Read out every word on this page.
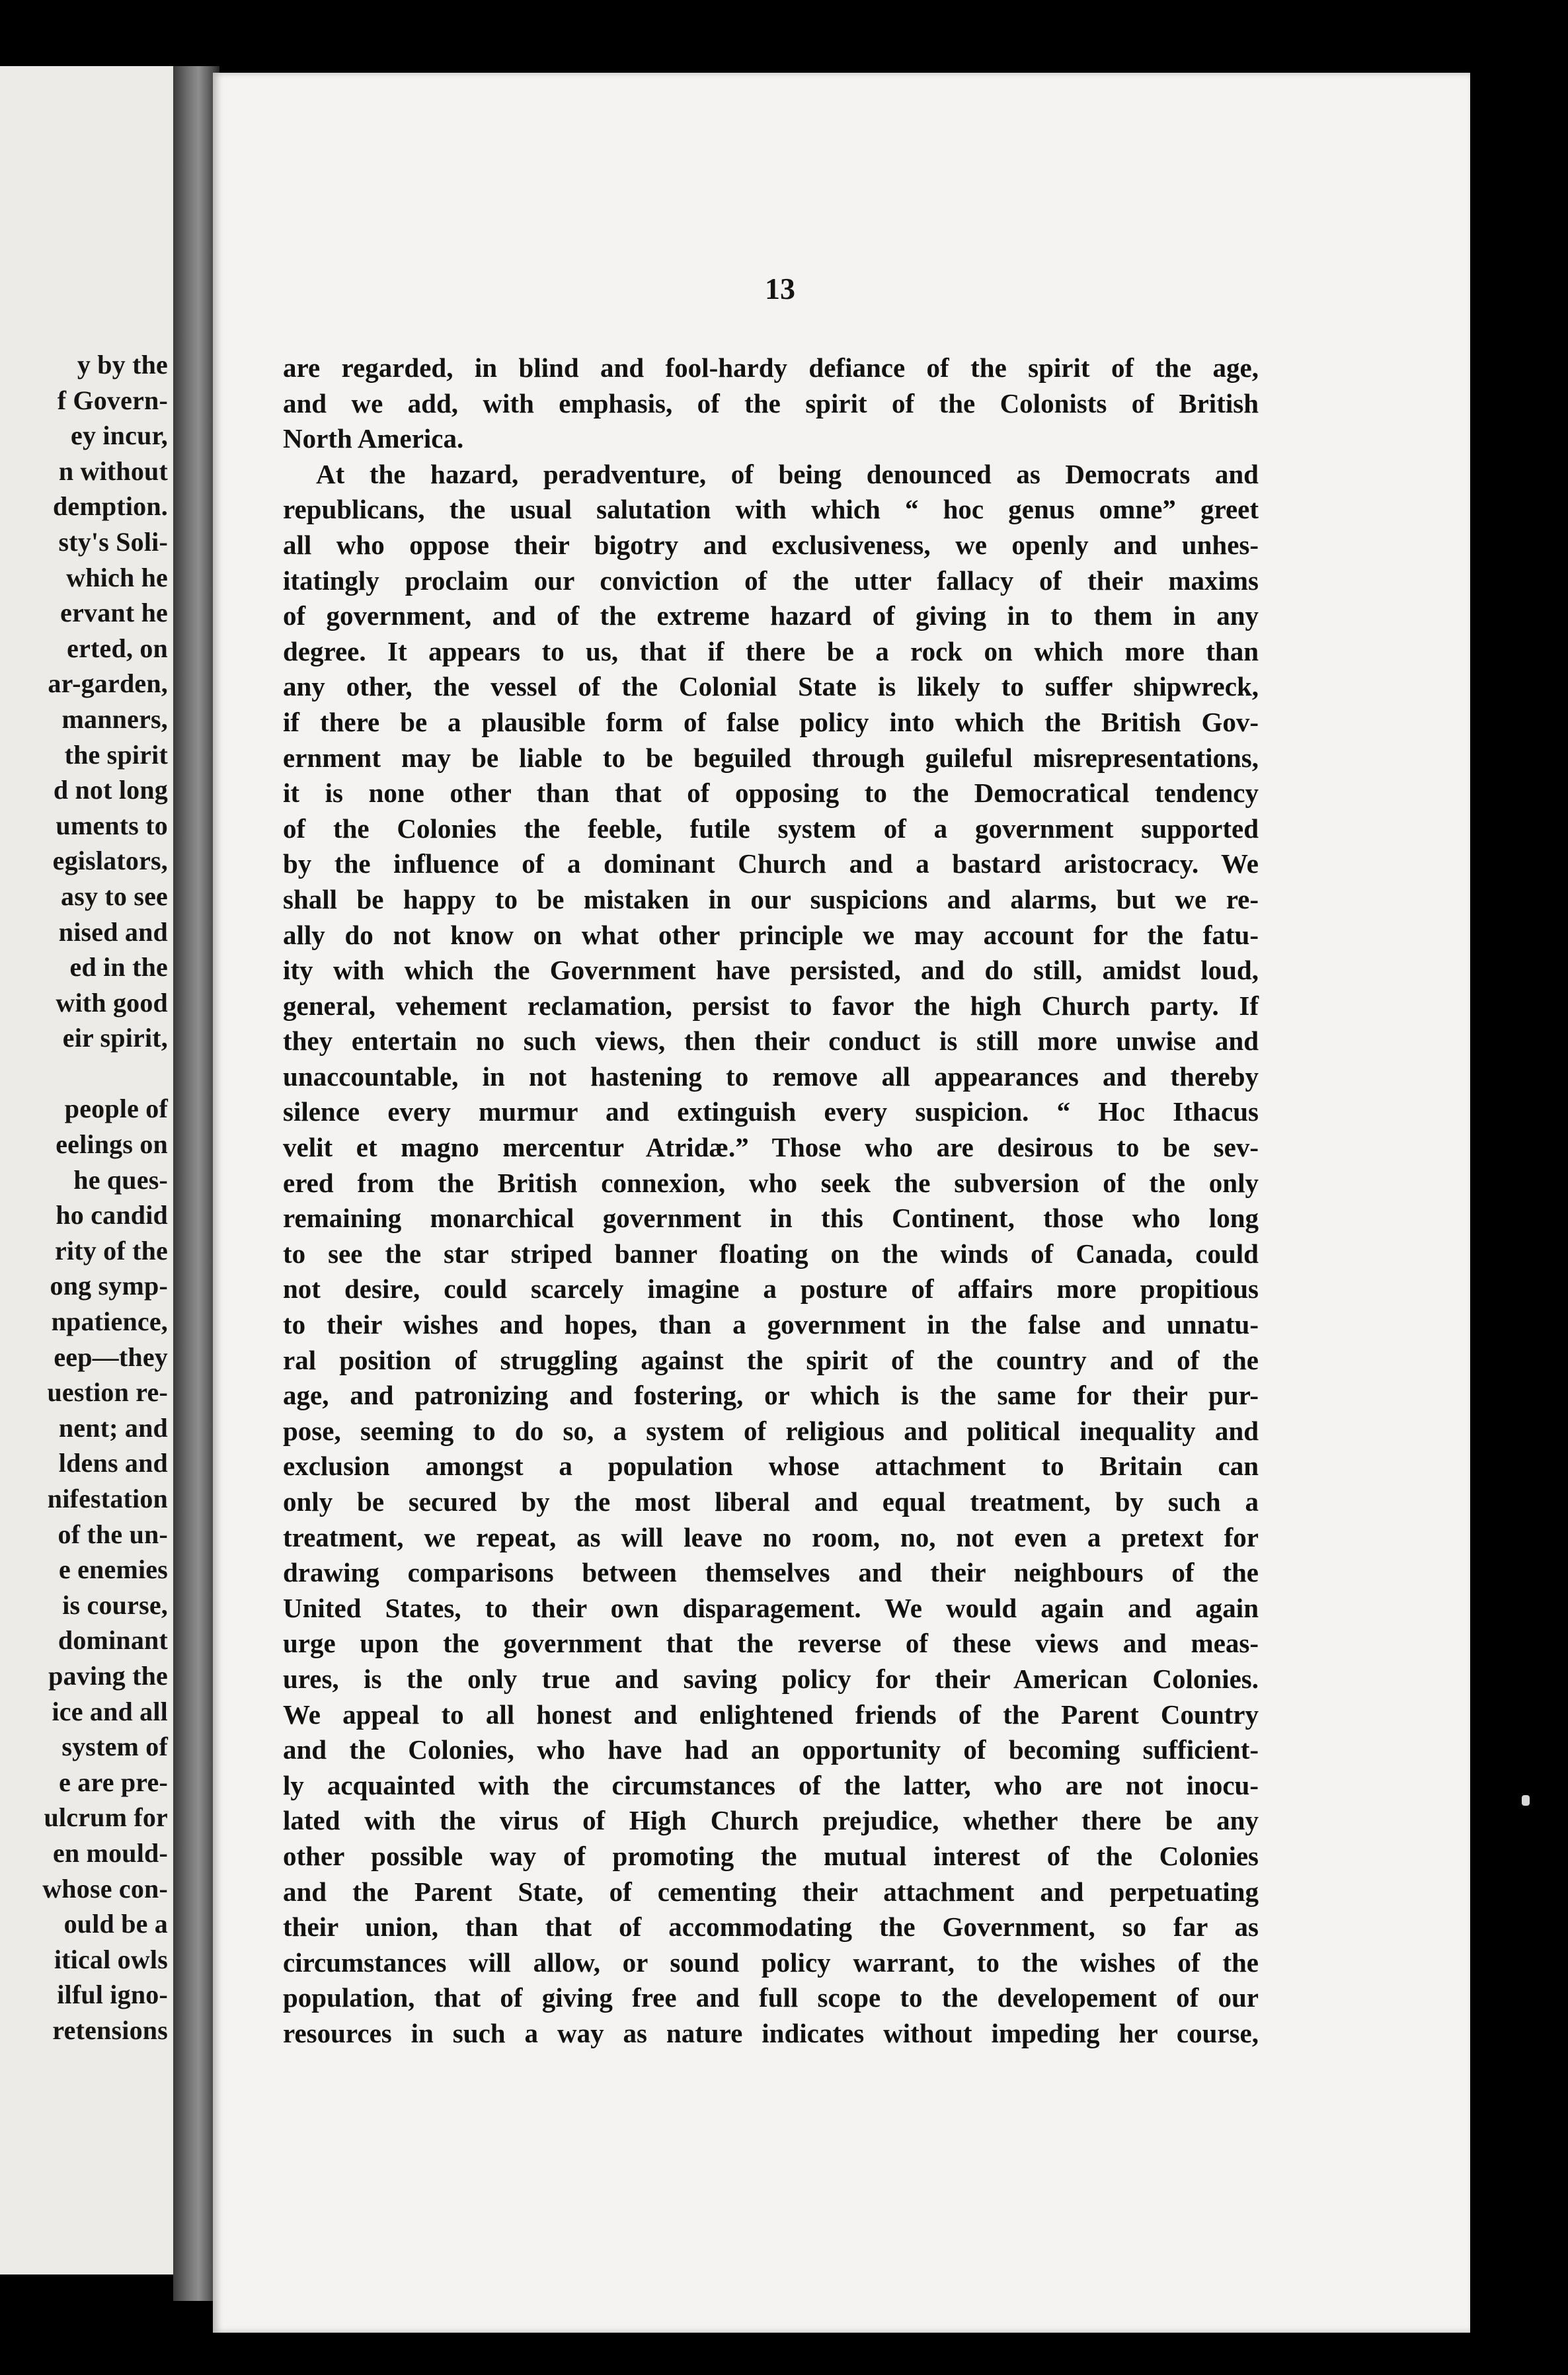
y by the
f Govern-
ey incur,
n without
demption.
sty's Soli-
which he
ervant he
erted, on
ar-garden,
manners,
the spirit
d not long
uments to
egislators,
asy to see
nised and
ed in the
with good
eir spirit,
people of
eelings on
he ques-
ho candid
rity of the
ong symp-
npatience,
eep—they
uestion re-
nent; and
ldens and
nifestation
of the un-
e enemies
is course,
dominant
paving the
ice and all
system of
e are pre-
ulcrum for
en mould-
whose con-
ould be a
itical owls
ilful igno-
retensions
13
are regarded, in blind and fool-hardy defiance of the spirit of the age,
and we add, with emphasis, of the spirit of the Colonists of British
North America.
At the hazard, peradventure, of being denounced as Democrats and
republicans, the usual salutation with which “ hoc genus omne” greet
all who oppose their bigotry and exclusiveness, we openly and unhes-
itatingly proclaim our conviction of the utter fallacy of their maxims
of government, and of the extreme hazard of giving in to them in any
degree. It appears to us, that if there be a rock on which more than
any other, the vessel of the Colonial State is likely to suffer shipwreck,
if there be a plausible form of false policy into which the British Gov-
ernment may be liable to be beguiled through guileful misrepresentations,
it is none other than that of opposing to the Democratical tendency
of the Colonies the feeble, futile system of a government supported
by the influence of a dominant Church and a bastard aristocracy. We
shall be happy to be mistaken in our suspicions and alarms, but we re-
ally do not know on what other principle we may account for the fatu-
ity with which the Government have persisted, and do still, amidst loud,
general, vehement reclamation, persist to favor the high Church party. If
they entertain no such views, then their conduct is still more unwise and
unaccountable, in not hastening to remove all appearances and thereby
silence every murmur and extinguish every suspicion. “ Hoc Ithacus
velit et magno mercentur Atridæ.” Those who are desirous to be sev-
ered from the British connexion, who seek the subversion of the only
remaining monarchical government in this Continent, those who long
to see the star striped banner floating on the winds of Canada, could
not desire, could scarcely imagine a posture of affairs more propitious
to their wishes and hopes, than a government in the false and unnatu-
ral position of struggling against the spirit of the country and of the
age, and patronizing and fostering, or which is the same for their pur-
pose, seeming to do so, a system of religious and political inequality and
exclusion amongst a population whose attachment to Britain can
only be secured by the most liberal and equal treatment, by such a
treatment, we repeat, as will leave no room, no, not even a pretext for
drawing comparisons between themselves and their neighbours of the
United States, to their own disparagement. We would again and again
urge upon the government that the reverse of these views and meas-
ures, is the only true and saving policy for their American Colonies.
We appeal to all honest and enlightened friends of the Parent Country
and the Colonies, who have had an opportunity of becoming sufficient-
ly acquainted with the circumstances of the latter, who are not inocu-
lated with the virus of High Church prejudice, whether there be any
other possible way of promoting the mutual interest of the Colonies
and the Parent State, of cementing their attachment and perpetuating
their union, than that of accommodating the Government, so far as
circumstances will allow, or sound policy warrant, to the wishes of the
population, that of giving free and full scope to the developement of our
resources in such a way as nature indicates without impeding her course,
